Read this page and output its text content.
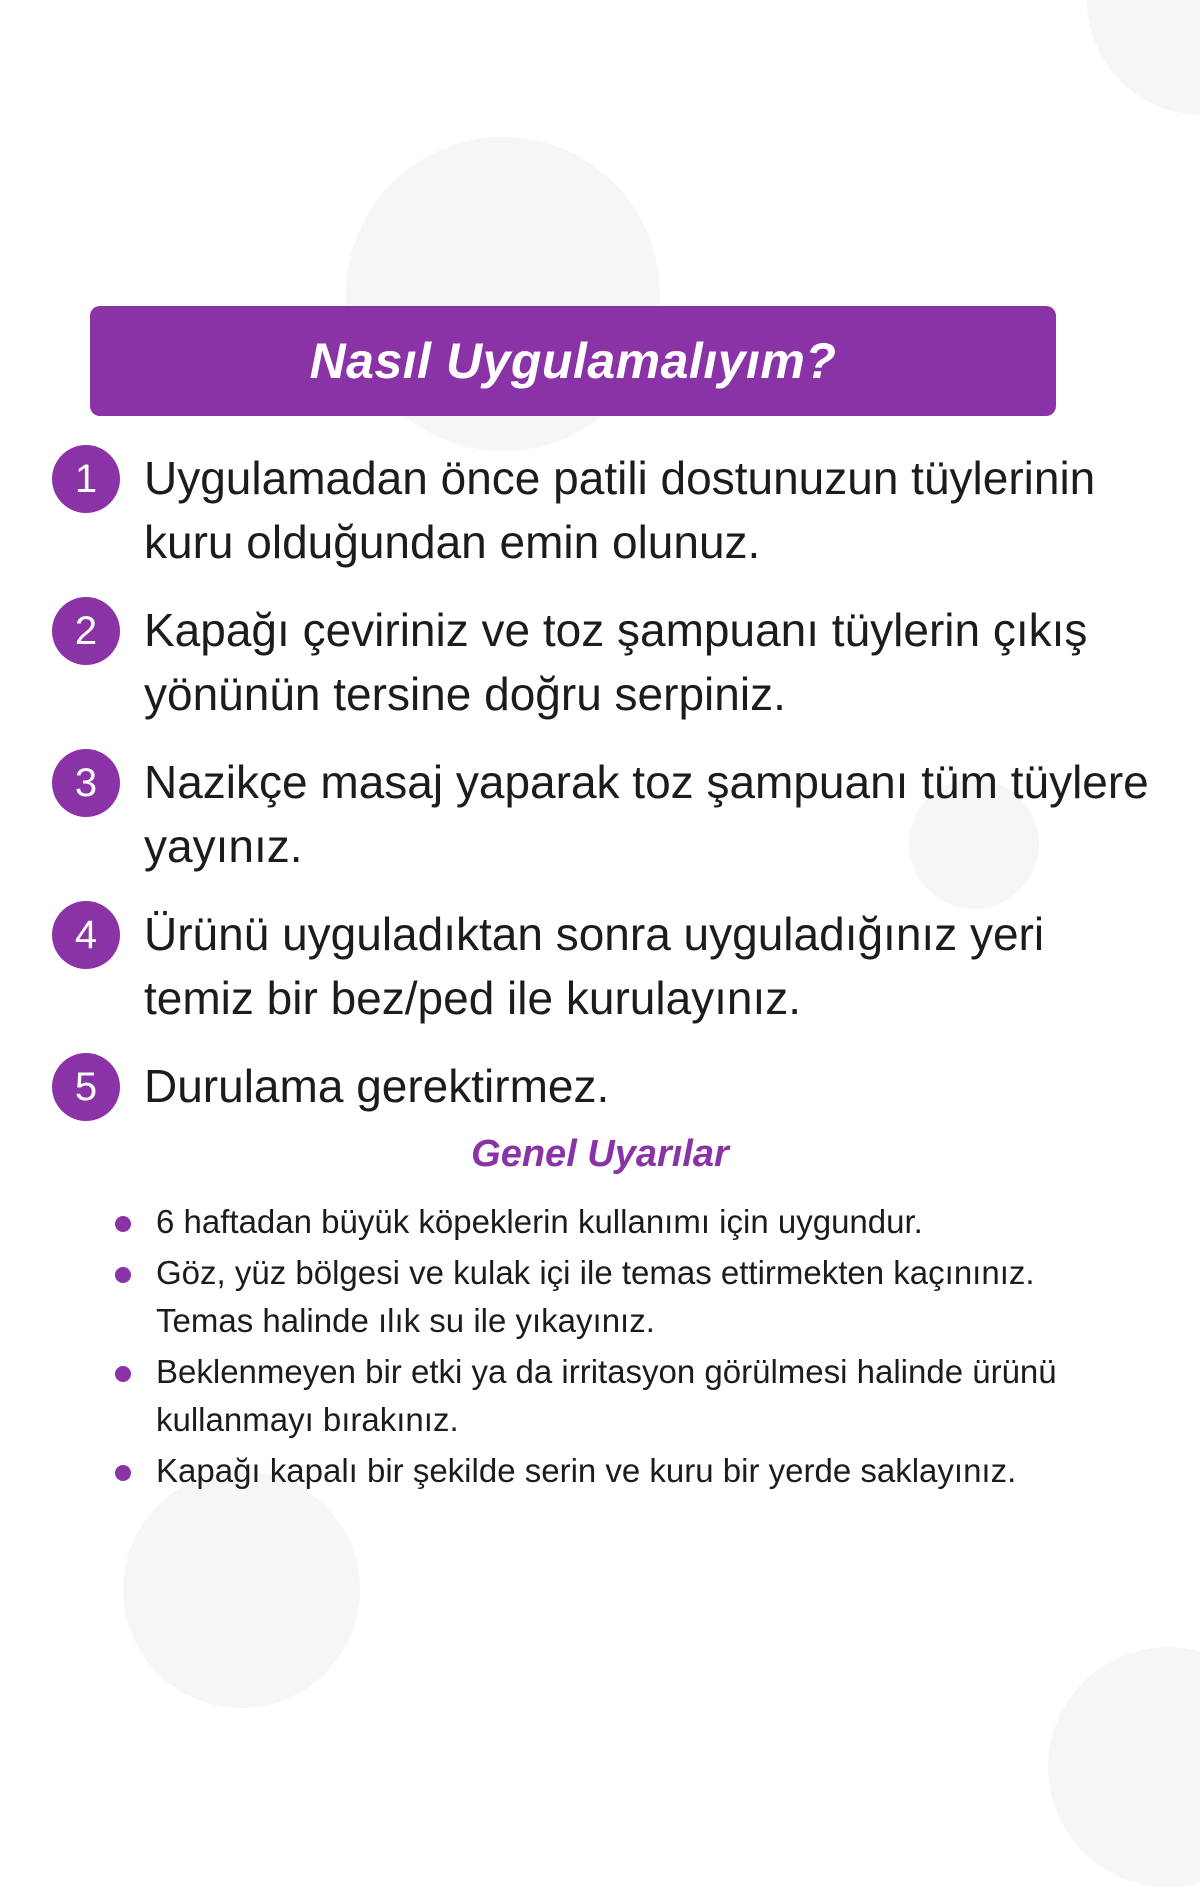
Nasıl Uygulamalıyım?
1	Uygulamadan önce patili dostunuzun tüylerinin kuru olduğundan emin olunuz.
2	Kapağı çeviriniz ve toz şampuanı tüylerin çıkış yönünün tersine doğru serpiniz.
3	Nazikçe masaj yaparak toz şampuanı tüm tüylere yayınız.
4	Ürünü uyguladıktan sonra uyguladığınız yeri temiz bir bez/ped ile kurulayınız.
5	Durulama gerektirmez.
Genel Uyarılar
6 haftadan büyük köpeklerin kullanımı için uygundur.
Göz, yüz bölgesi ve kulak içi ile temas ettirmekten kaçınınız. Temas halinde ılık su ile yıkayınız.
Beklenmeyen bir etki ya da irritasyon görülmesi halinde ürünü kullanmayı bırakınız.
Kapağı kapalı bir şekilde serin ve kuru bir yerde saklayınız.
